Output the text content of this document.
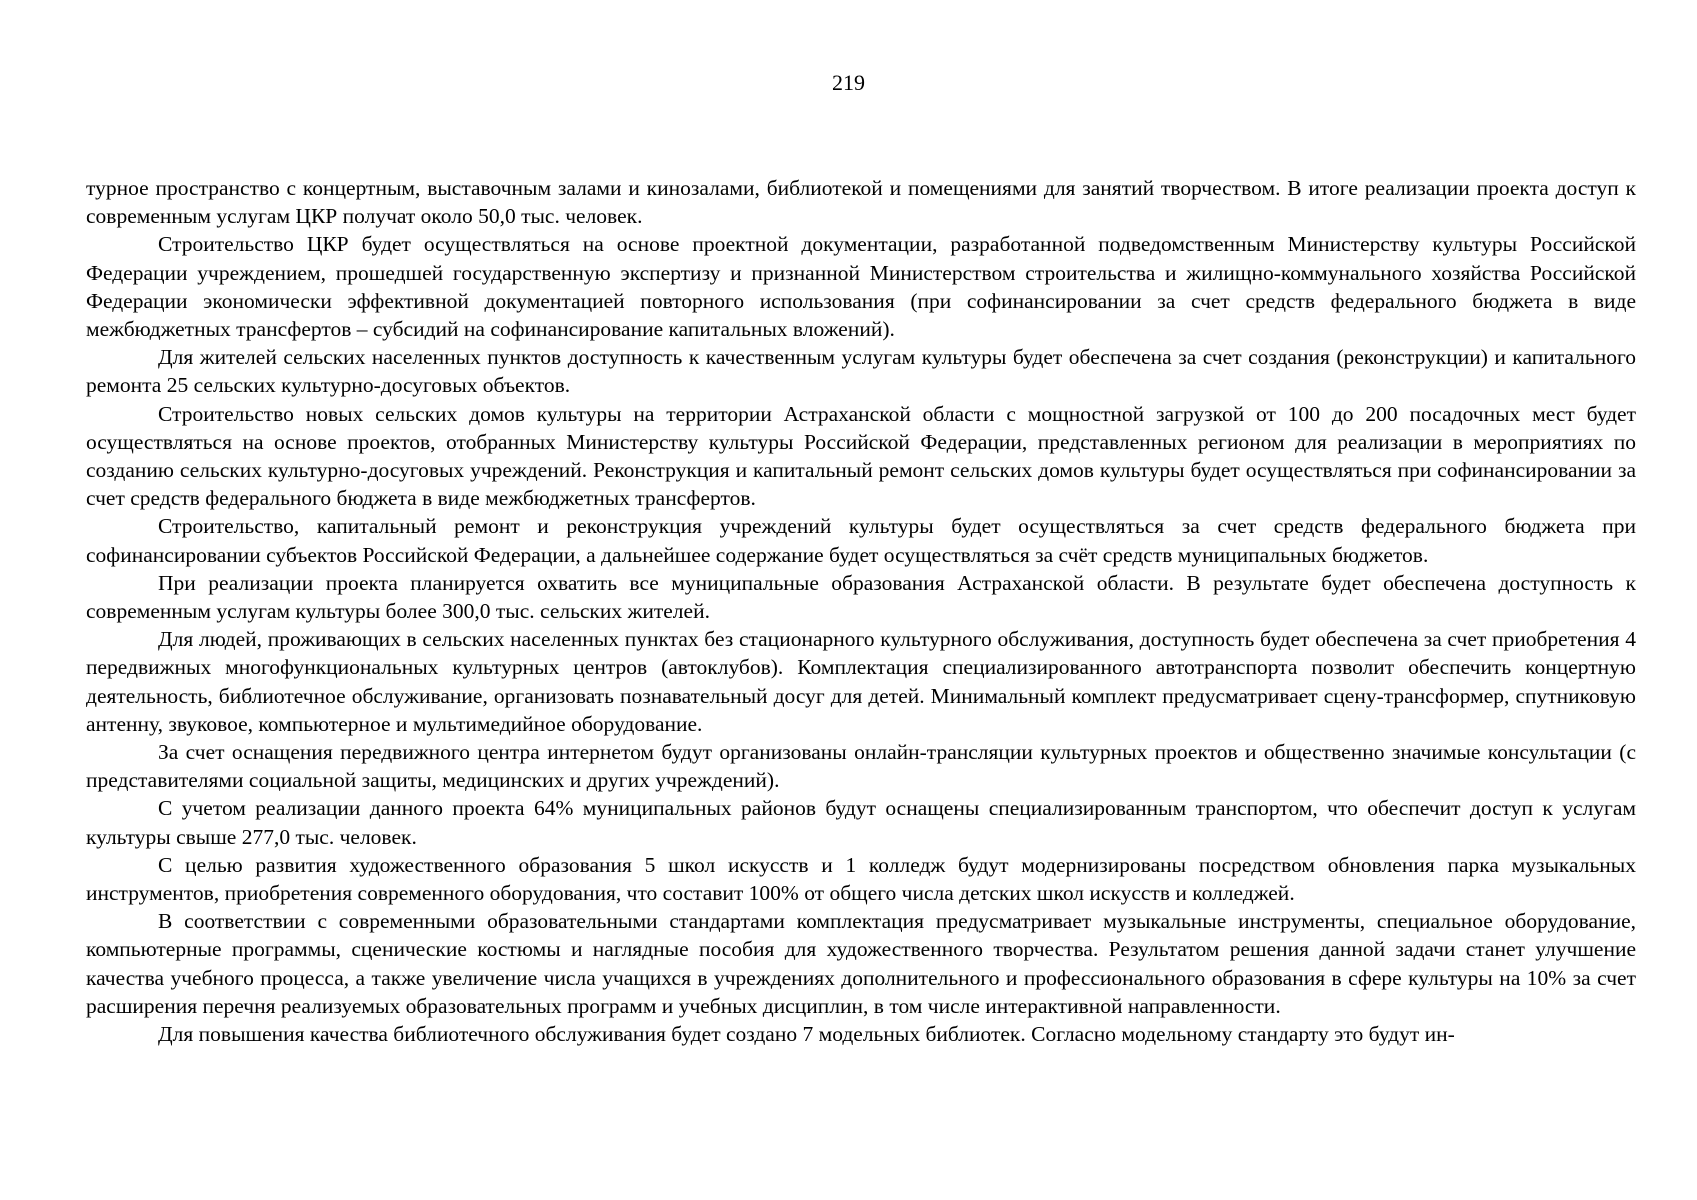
219

турное пространство с концертным, выставочным залами и кинозалами, библиотекой и помещениями для занятий творчеством. В итоге реализации проекта доступ к современным услугам ЦКР получат около 50,0 тыс. человек.

Строительство ЦКР будет осуществляться на основе проектной документации, разработанной подведомственным Министерству культуры Российской Федерации учреждением, прошедшей государственную экспертизу и признанной Министерством строительства и жилищно-коммунального хозяйства Российской Федерации экономически эффективной документацией повторного использования (при софинансировании за счет средств федерального бюджета в виде межбюджетных трансфертов – субсидий на софинансирование капитальных вложений).

Для жителей сельских населенных пунктов доступность к качественным услугам культуры будет обеспечена за счет создания (реконструкции) и капитального ремонта 25 сельских культурно-досуговых объектов.

Строительство новых сельских домов культуры на территории Астраханской области с мощностной загрузкой от 100 до 200 посадочных мест будет осуществляться на основе проектов, отобранных Министерству культуры Российской Федерации, представленных регионом для реализации в мероприятиях по созданию сельских культурно-досуговых учреждений. Реконструкция и капитальный ремонт сельских домов культуры будет осуществляться при софинансировании за счет средств федерального бюджета в виде межбюджетных трансфертов.

Строительство, капитальный ремонт и реконструкция учреждений культуры будет осуществляться за счет средств федерального бюджета при софинансировании субъектов Российской Федерации, а дальнейшее содержание будет осуществляться за счёт средств муниципальных бюджетов.

При реализации проекта планируется охватить все муниципальные образования Астраханской области. В результате будет обеспечена доступность к современным услугам культуры более 300,0 тыс. сельских жителей.

Для людей, проживающих в сельских населенных пунктах без стационарного культурного обслуживания, доступность будет обеспечена за счет приобретения 4 передвижных многофункциональных культурных центров (автоклубов). Комплектация специализированного автотранспорта позволит обеспечить концертную деятельность, библиотечное обслуживание, организовать познавательный досуг для детей. Минимальный комплект предусматривает сцену-трансформер, спутниковую антенну, звуковое, компьютерное и мультимедийное оборудование.

За счет оснащения передвижного центра интернетом будут организованы онлайн-трансляции культурных проектов и общественно значимые консультации (с представителями социальной защиты, медицинских и других учреждений).

С учетом реализации данного проекта 64% муниципальных районов будут оснащены специализированным транспортом, что обеспечит доступ к услугам культуры свыше 277,0 тыс. человек.

С целью развития художественного образования 5 школ искусств и 1 колледж будут модернизированы посредством обновления парка музыкальных инструментов, приобретения современного оборудования, что составит 100% от общего числа детских школ искусств и колледжей.

В соответствии с современными образовательными стандартами комплектация предусматривает музыкальные инструменты, специальное оборудование, компьютерные программы, сценические костюмы и наглядные пособия для художественного творчества. Результатом решения данной задачи станет улучшение качества учебного процесса, а также увеличение числа учащихся в учреждениях дополнительного и профессионального образования в сфере культуры на 10% за счет расширения перечня реализуемых образовательных программ и учебных дисциплин, в том числе интерактивной направленности.

Для повышения качества библиотечного обслуживания будет создано 7 модельных библиотек. Согласно модельному стандарту это будут ин-
